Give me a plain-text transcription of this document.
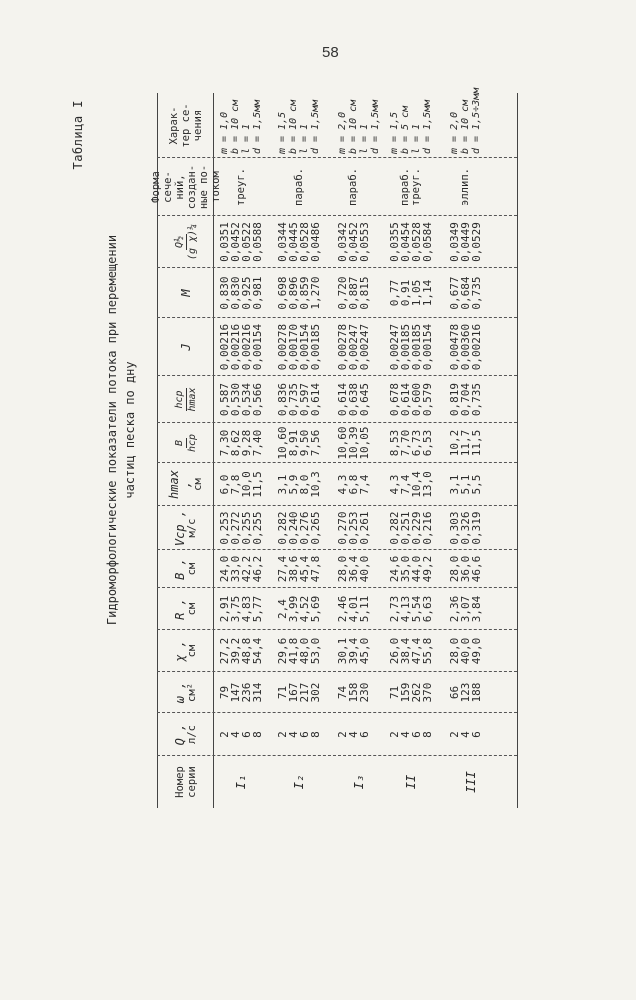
58
Таблица I
Гидроморфологические показатели потока при перемещении частиц песка по дну
Номер серии
Q , л/с
ω , см²
χ , см
R , см
B , см
Vср , м/с
hmax , см
B hср
hср hmax
J
M
Q½ (g χ)¼
Форма сече- ний, создан- ные по- током
Харак- тер се- чения
I₁
2
4
6
8
79
147
236
314
27,2
39,2
48,8
54,4
2,91
3,75
4,83
5,77
24,0
33,0
42,2
46,2
0,253
0,272
0,255
0,255
6,0
7,8
10,0
11,5
7,30
8,62
9,28
7,40
0,587
0,530
0,534
0,566
0,00216
0,00216
0,00216
0,00154
0,830
0,830
0,925
0,981
0,0351
0,0452
0,0522
0,0588
треуг.
m = 1,0 b = 10 см l = 1 d = 1,5мм
I₂
2
4
6
8
71
167
217
302
29,6
41,8
48,0
53,0
2,4
3,99
4,52
5,69
27,4
38,6
45,4
47,8
0,282
0,240
0,276
0,265
3,1
5,9
8,0
10,3
10,60
8,91
9,50
7,56
0,836
0,735
0,597
0,614
0,00278
0,00170
0,00154
0,00185
0,698
0,896
0,859
1,270
0,0344
0,0445
0,0528
0,0486
параб.
m = 1,5 b = 10 см l = 1 d = 1,5мм
I₃
2
4
6
74
158
230
30,1
39,4
45,0
2,46
4,01
5,11
28,0
36,4
40,0
0,270
0,253
0,261
4,3
6,8
7,4
10,60
10,39
10,05
0,614
0,638
0,645
0,00278
0,00247
0,00247
0,720
0,887
0,815
0,0342
0,0452
0,0553
параб.
m = 2,0 b = 10 см l = 1 d = 1,5мм
II
2
4
6
8
71
159
262
370
26,0
38,4
47,4
55,8
2,73
4,13
5,54
6,63
24,6
35,0
44,0
49,2
0,282
0,251
0,229
0,216
4,3
7,4
10,4
13,0
8,53
7,70
6,73
6,53
0,678
0,614
0,600
0,579
0,00247
0,00185
0,00185
0,00154
0,77
0,91
1,05
1,14
0,0355
0,0454
0,0528
0,0584
параб. треуг.
m = 1,5 b = 5 см l = 1 d = 1,5мм
III
2
4
6
66
123
188
28,0
40,0
49,0
2,36
3,07
3,84
28,0
36,0
46,6
0,303
0,326
0,319
3,1
5,1
5,5
10,2
11,7
11,5
0,819
0,704
0,735
0,00478
0,00360
0,00216
0,677
0,684
0,735
0,0349
0,0449
0,0529
эллип.
m = 2,0 b = 10 см d = 1,5÷3мм
